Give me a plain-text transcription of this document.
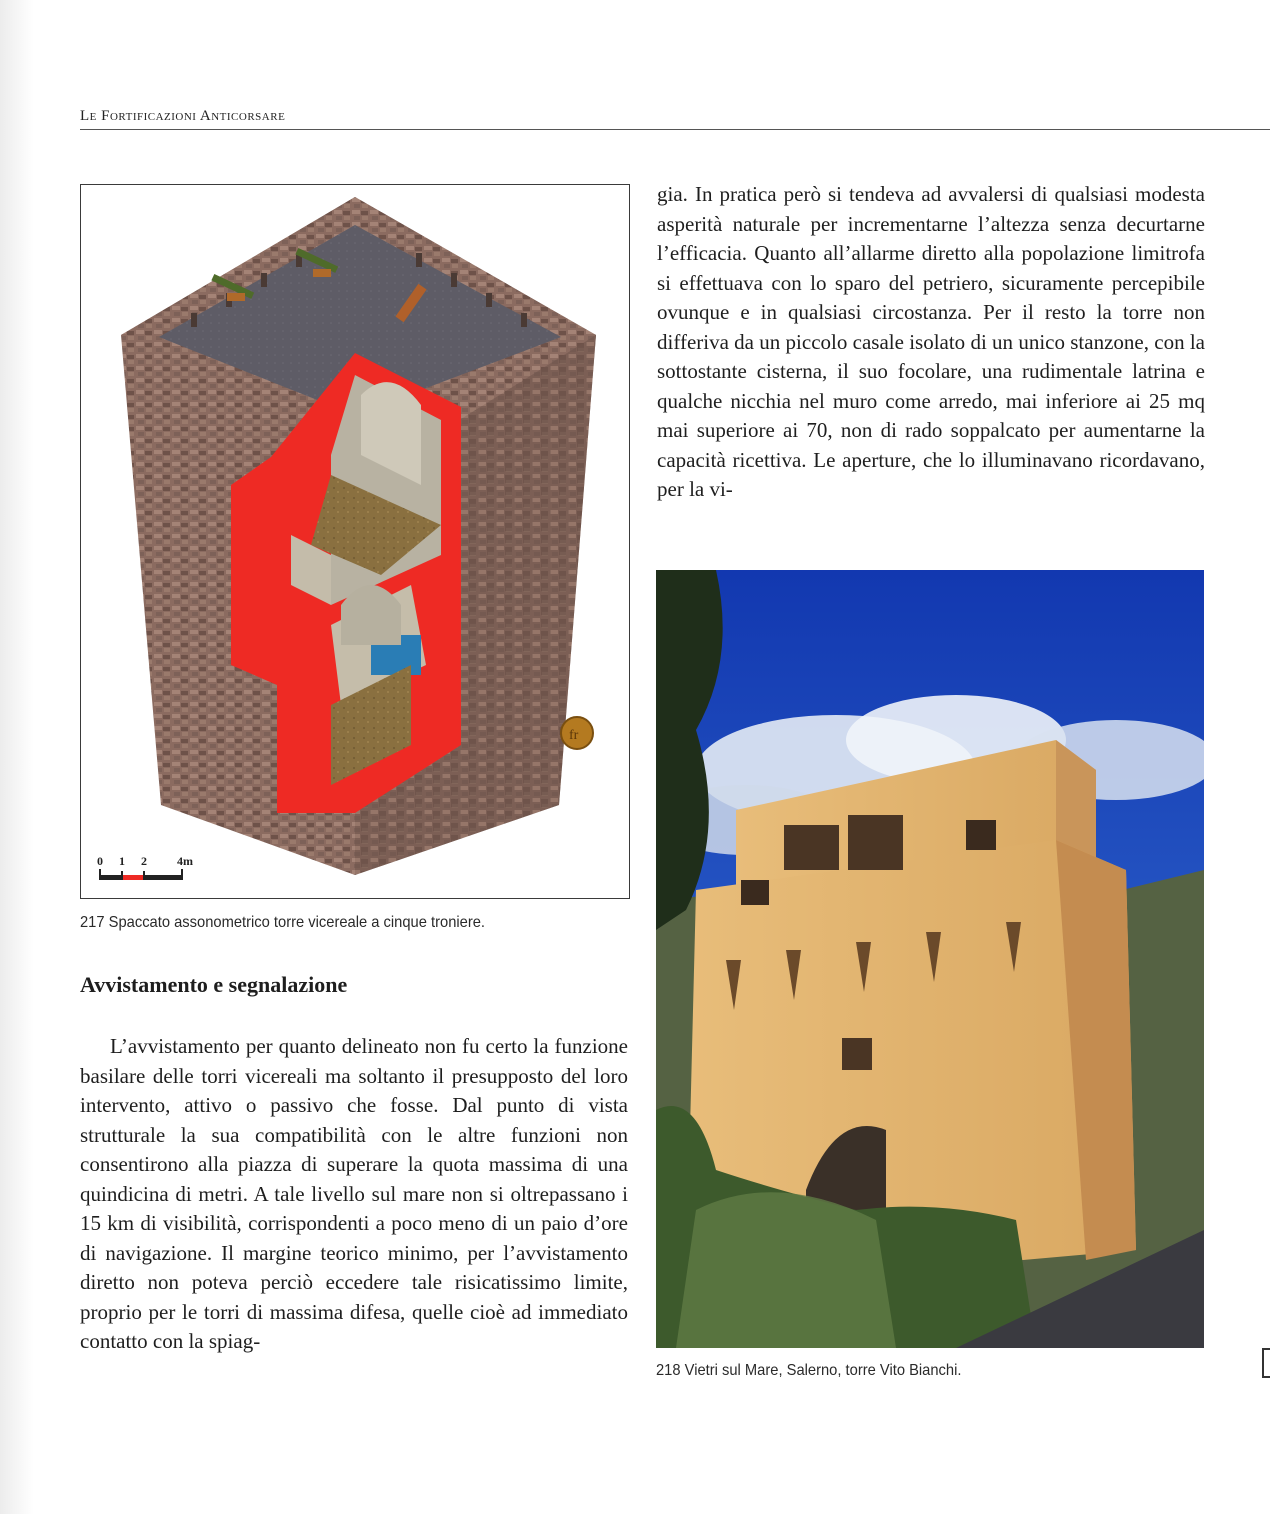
Le Fortificazioni Anticorsare
fr
0 1 2	4m
217 Spaccato assonometrico torre vicereale a cinque troniere.
Avvistamento e segnalazione

L’avvistamento per quanto delineato non fu certo la funzione basilare delle torri vicereali ma soltanto il presupposto del loro intervento, attivo o passivo che fosse. Dal punto di vista strutturale la sua compatibilità con le altre funzioni non consentirono alla piazza di superare la quota massima di una quindicina di metri. A tale livello sul mare non si oltrepassano i 15 km di visibilità, corrispondenti a poco meno di un paio d’ore di navigazione. Il margine teorico minimo, per l’avvistamento diretto non poteva perciò eccedere tale risicatissimo limite, proprio per le torri di massima difesa, quelle cioè ad immediato contatto con la spiag-

gia. In pratica però si tendeva ad avvalersi di qualsiasi modesta asperità naturale per incrementarne l’altezza senza decurtarne l’efficacia. Quanto all’allarme diretto alla popolazione limitrofa si effettuava con lo sparo del petriero, sicuramente percepibile ovunque e in qualsiasi circostanza. Per il resto la torre non differiva da un piccolo casale isolato di un unico stanzone, con la sottostante cisterna, il suo focolare, una rudimentale latrina e qualche nicchia nel muro come arredo, mai inferiore ai 25 mq mai superiore ai 70, non di rado soppalcato per aumentarne la capacità ricettiva. Le aperture, che lo illuminavano ricordavano, per la vi-

218 Vietri sul Mare, Salerno, torre Vito Bianchi.
